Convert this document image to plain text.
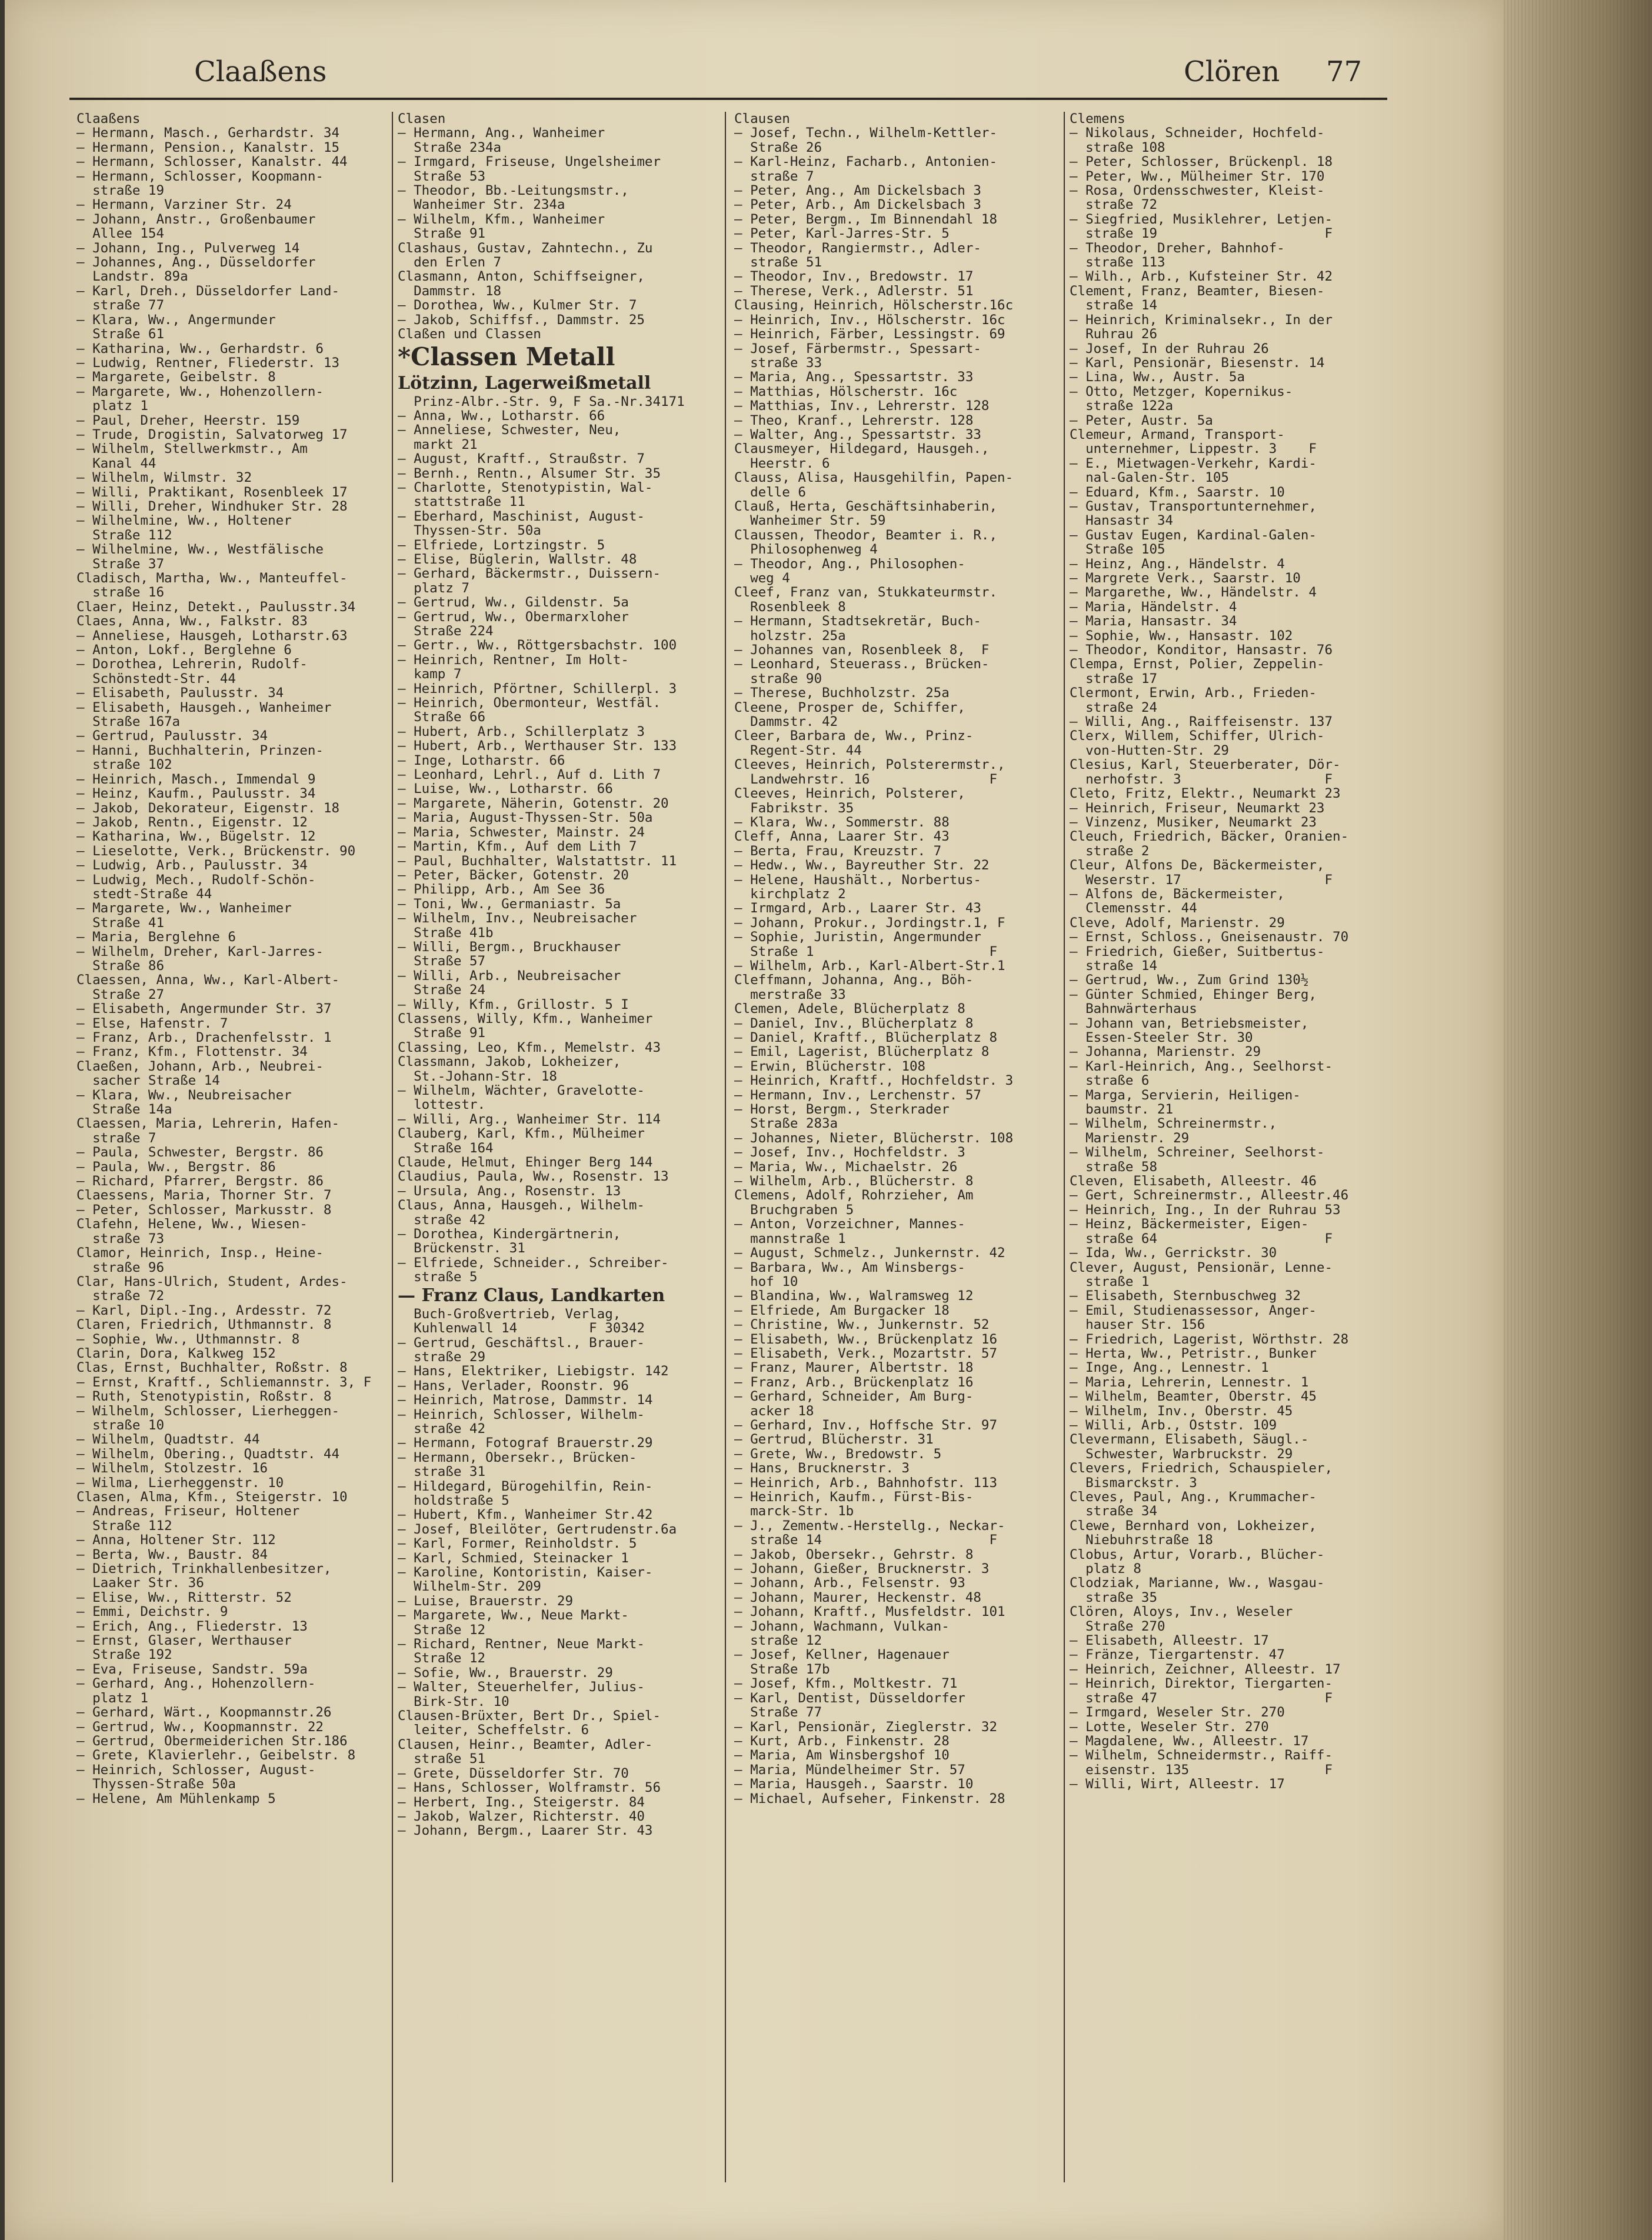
Claaßens	Clören 77
Claaßens
— Hermann, Masch., Gerhardstr. 34
— Hermann, Pension., Kanalstr. 15
— Hermann, Schlosser, Kanalstr. 44
— Hermann, Schlosser, Koopmann-
straße 19
— Hermann, Varziner Str. 24
— Johann, Anstr., Großenbaumer
Allee 154
— Johann, Ing., Pulverweg 14
— Johannes, Ang., Düsseldorfer
Landstr. 89a
— Karl, Dreh., Düsseldorfer Land-
straße 77
— Klara, Ww., Angermunder
Straße 61
— Katharina, Ww., Gerhardstr. 6
— Ludwig, Rentner, Fliederstr. 13
— Margarete, Geibelstr. 8
— Margarete, Ww., Hohenzollern-
platz 1
— Paul, Dreher, Heerstr. 159
— Trude, Drogistin, Salvatorweg 17
— Wilhelm, Stellwerkmstr., Am
Kanal 44
— Wilhelm, Wilmstr. 32
— Willi, Praktikant, Rosenbleek 17
— Willi, Dreher, Windhuker Str. 28
— Wilhelmine, Ww., Holtener
Straße 112
— Wilhelmine, Ww., Westfälische
Straße 37
Cladisch, Martha, Ww., Manteuffel-
straße 16
Claer, Heinz, Detekt., Paulusstr.34
Claes, Anna, Ww., Falkstr. 83
— Anneliese, Hausgeh, Lotharstr.63
— Anton, Lokf., Berglehne 6
— Dorothea, Lehrerin, Rudolf-
Schönstedt-Str. 44
— Elisabeth, Paulusstr. 34
— Elisabeth, Hausgeh., Wanheimer
Straße 167a
— Gertrud, Paulusstr. 34
— Hanni, Buchhalterin, Prinzen-
straße 102
— Heinrich, Masch., Immendal 9
— Heinz, Kaufm., Paulusstr. 34
— Jakob, Dekorateur, Eigenstr. 18
— Jakob, Rentn., Eigenstr. 12
— Katharina, Ww., Bügelstr. 12
— Lieselotte, Verk., Brückenstr. 90
— Ludwig, Arb., Paulusstr. 34
— Ludwig, Mech., Rudolf-Schön-
stedt-Straße 44
— Margarete, Ww., Wanheimer
Straße 41
— Maria, Berglehne 6
— Wilhelm, Dreher, Karl-Jarres-
Straße 86
Claessen, Anna, Ww., Karl-Albert-
Straße 27
— Elisabeth, Angermunder Str. 37
— Else, Hafenstr. 7
— Franz, Arb., Drachenfelsstr. 1
— Franz, Kfm., Flottenstr. 34
Claeßen, Johann, Arb., Neubrei-
sacher Straße 14
— Klara, Ww., Neubreisacher
Straße 14a
Claessen, Maria, Lehrerin, Hafen-
straße 7
— Paula, Schwester, Bergstr. 86
— Paula, Ww., Bergstr. 86
— Richard, Pfarrer, Bergstr. 86
Claessens, Maria, Thorner Str. 7
— Peter, Schlosser, Markusstr. 8
Clafehn, Helene, Ww., Wiesen-
straße 73
Clamor, Heinrich, Insp., Heine-
straße 96
Clar, Hans-Ulrich, Student, Ardes-
straße 72
— Karl, Dipl.-Ing., Ardesstr. 72
Claren, Friedrich, Uthmannstr. 8
— Sophie, Ww., Uthmannstr. 8
Clarin, Dora, Kalkweg 152
Clas, Ernst, Buchhalter, Roßstr. 8
— Ernst, Kraftf., Schliemannstr. 3, F
— Ruth, Stenotypistin, Roßstr. 8
— Wilhelm, Schlosser, Lierheggen-
straße 10
— Wilhelm, Quadtstr. 44
— Wilhelm, Obering., Quadtstr. 44
— Wilhelm, Stolzestr. 16
— Wilma, Lierheggenstr. 10
Clasen, Alma, Kfm., Steigerstr. 10
— Andreas, Friseur, Holtener
Straße 112
— Anna, Holtener Str. 112
— Berta, Ww., Baustr. 84
— Dietrich, Trinkhallenbesitzer,
Laaker Str. 36
— Elise, Ww., Ritterstr. 52
— Emmi, Deichstr. 9
— Erich, Ang., Fliederstr. 13
— Ernst, Glaser, Werthauser
Straße 192
— Eva, Friseuse, Sandstr. 59a
— Gerhard, Ang., Hohenzollern-
platz 1
— Gerhard, Wärt., Koopmannstr.26
— Gertrud, Ww., Koopmannstr. 22
— Gertrud, Obermeiderichen Str.186
— Grete, Klavierlehr., Geibelstr. 8
— Heinrich, Schlosser, August-
Thyssen-Straße 50a
— Helene, Am Mühlenkamp 5
Clasen
— Hermann, Ang., Wanheimer
Straße 234a
— Irmgard, Friseuse, Ungelsheimer
Straße 53
— Theodor, Bb.-Leitungsmstr.,
Wanheimer Str. 234a
— Wilhelm, Kfm., Wanheimer
Straße 91
Clashaus, Gustav, Zahntechn., Zu
den Erlen 7
Clasmann, Anton, Schiffseigner,
Dammstr. 18
— Dorothea, Ww., Kulmer Str. 7
— Jakob, Schiffsf., Dammstr. 25
Claßen und Classen
*Classen Metall
Lötzinn, Lagerweißmetall
Prinz-Albr.-Str. 9, F Sa.-Nr.34171
— Anna, Ww., Lotharstr. 66
— Anneliese, Schwester, Neu,
markt 21
— August, Kraftf., Straußstr. 7
— Bernh., Rentn., Alsumer Str. 35
— Charlotte, Stenotypistin, Wal-
stattstraße 11
— Eberhard, Maschinist, August-
Thyssen-Str. 50a
— Elfriede, Lortzingstr. 5
— Elise, Büglerin, Wallstr. 48
— Gerhard, Bäckermstr., Duissern-
platz 7
— Gertrud, Ww., Gildenstr. 5a
— Gertrud, Ww., Obermarxloher
Straße 224
— Gertr., Ww., Röttgersbachstr. 100
— Heinrich, Rentner, Im Holt-
kamp 7
— Heinrich, Pförtner, Schillerpl. 3
— Heinrich, Obermonteur, Westfäl.
Straße 66
— Hubert, Arb., Schillerplatz 3
— Hubert, Arb., Werthauser Str. 133
— Inge, Lotharstr. 66
— Leonhard, Lehrl., Auf d. Lith 7
— Luise, Ww., Lotharstr. 66
— Margarete, Näherin, Gotenstr. 20
— Maria, August-Thyssen-Str. 50a
— Maria, Schwester, Mainstr. 24
— Martin, Kfm., Auf dem Lith 7
— Paul, Buchhalter, Walstattstr. 11
— Peter, Bäcker, Gotenstr. 20
— Philipp, Arb., Am See 36
— Toni, Ww., Germaniastr. 5a
— Wilhelm, Inv., Neubreisacher
Straße 41b
— Willi, Bergm., Bruckhauser
Straße 57
— Willi, Arb., Neubreisacher
Straße 24
— Willy, Kfm., Grillostr. 5 I
Classens, Willy, Kfm., Wanheimer
Straße 91
Classing, Leo, Kfm., Memelstr. 43
Classmann, Jakob, Lokheizer,
St.-Johann-Str. 18
— Wilhelm, Wächter, Gravelotte-
lottestr.
— Willi, Arg., Wanheimer Str. 114
Clauberg, Karl, Kfm., Mülheimer
Straße 164
Claude, Helmut, Ehinger Berg 144
Claudius, Paula, Ww., Rosenstr. 13
— Ursula, Ang., Rosenstr. 13
Claus, Anna, Hausgeh., Wilhelm-
straße 42
— Dorothea, Kindergärtnerin,
Brückenstr. 31
— Elfriede, Schneider., Schreiber-
straße 5
— Franz Claus, Landkarten
Buch-Großvertrieb, Verlag,
Kuhlenwall 14         F 30342
— Gertrud, Geschäftsl., Brauer-
straße 29
— Hans, Elektriker, Liebigstr. 142
— Hans, Verlader, Roonstr. 96
— Heinrich, Matrose, Dammstr. 14
— Heinrich, Schlosser, Wilhelm-
straße 42
— Hermann, Fotograf Brauerstr.29
— Hermann, Obersekr., Brücken-
straße 31
— Hildegard, Bürogehilfin, Rein-
holdstraße 5
— Hubert, Kfm., Wanheimer Str.42
— Josef, Bleilöter, Gertrudenstr.6a
— Karl, Former, Reinholdstr. 5
— Karl, Schmied, Steinacker 1
— Karoline, Kontoristin, Kaiser-
Wilhelm-Str. 209
— Luise, Brauerstr. 29
— Margarete, Ww., Neue Markt-
Straße 12
— Richard, Rentner, Neue Markt-
Straße 12
— Sofie, Ww., Brauerstr. 29
— Walter, Steuerhelfer, Julius-
Birk-Str. 10
Clausen-Brüxter, Bert Dr., Spiel-
leiter, Scheffelstr. 6
Clausen, Heinr., Beamter, Adler-
straße 51
— Grete, Düsseldorfer Str. 70
— Hans, Schlosser, Wolframstr. 56
— Herbert, Ing., Steigerstr. 84
— Jakob, Walzer, Richterstr. 40
— Johann, Bergm., Laarer Str. 43
Clausen
— Josef, Techn., Wilhelm-Kettler-
Straße 26
— Karl-Heinz, Facharb., Antonien-
straße 7
— Peter, Ang., Am Dickelsbach 3
— Peter, Arb., Am Dickelsbach 3
— Peter, Bergm., Im Binnendahl 18
— Peter, Karl-Jarres-Str. 5
— Theodor, Rangiermstr., Adler-
straße 51
— Theodor, Inv., Bredowstr. 17
— Therese, Verk., Adlerstr. 51
Clausing, Heinrich, Hölscherstr.16c
— Heinrich, Inv., Hölscherstr. 16c
— Heinrich, Färber, Lessingstr. 69
— Josef, Färbermstr., Spessart-
straße 33
— Maria, Ang., Spessartstr. 33
— Matthias, Hölscherstr. 16c
— Matthias, Inv., Lehrerstr. 128
— Theo, Kranf., Lehrerstr. 128
— Walter, Ang., Spessartstr. 33
Clausmeyer, Hildegard, Hausgeh.,
Heerstr. 6
Clauss, Alisa, Hausgehilfin, Papen-
delle 6
Clauß, Herta, Geschäftsinhaberin,
Wanheimer Str. 59
Claussen, Theodor, Beamter i. R.,
Philosophenweg 4
— Theodor, Ang., Philosophen-
weg 4
Cleef, Franz van, Stukkateurmstr.
Rosenbleek 8
— Hermann, Stadtsekretär, Buch-
holzstr. 25a
— Johannes van, Rosenbleek 8,  F
— Leonhard, Steuerass., Brücken-
straße 90
— Therese, Buchholzstr. 25a
Cleene, Prosper de, Schiffer,
Dammstr. 42
Cleer, Barbara de, Ww., Prinz-
Regent-Str. 44
Cleeves, Heinrich, Polsterermstr.,
Landwehrstr. 16               F
Cleeves, Heinrich, Polsterer,
Fabrikstr. 35
— Klara, Ww., Sommerstr. 88
Cleff, Anna, Laarer Str. 43
— Berta, Frau, Kreuzstr. 7
— Hedw., Ww., Bayreuther Str. 22
— Helene, Haushält., Norbertus-
kirchplatz 2
— Irmgard, Arb., Laarer Str. 43
— Johann, Prokur., Jordingstr.1, F
— Sophie, Juristin, Angermunder
Straße 1                      F
— Wilhelm, Arb., Karl-Albert-Str.1
Cleffmann, Johanna, Ang., Böh-
merstraße 33
Clemen, Adele, Blücherplatz 8
— Daniel, Inv., Blücherplatz 8
— Daniel, Kraftf., Blücherplatz 8
— Emil, Lagerist, Blücherplatz 8
— Erwin, Blücherstr. 108
— Heinrich, Kraftf., Hochfeldstr. 3
— Hermann, Inv., Lerchenstr. 57
— Horst, Bergm., Sterkrader
Straße 283a
— Johannes, Nieter, Blücherstr. 108
— Josef, Inv., Hochfeldstr. 3
— Maria, Ww., Michaelstr. 26
— Wilhelm, Arb., Blücherstr. 8
Clemens, Adolf, Rohrzieher, Am
Bruchgraben 5
— Anton, Vorzeichner, Mannes-
mannstraße 1
— August, Schmelz., Junkernstr. 42
— Barbara, Ww., Am Winsbergs-
hof 10
— Blandina, Ww., Walramsweg 12
— Elfriede, Am Burgacker 18
— Christine, Ww., Junkernstr. 52
— Elisabeth, Ww., Brückenplatz 16
— Elisabeth, Verk., Mozartstr. 57
— Franz, Maurer, Albertstr. 18
— Franz, Arb., Brückenplatz 16
— Gerhard, Schneider, Am Burg-
acker 18
— Gerhard, Inv., Hoffsche Str. 97
— Gertrud, Blücherstr. 31
— Grete, Ww., Bredowstr. 5
— Hans, Brucknerstr. 3
— Heinrich, Arb., Bahnhofstr. 113
— Heinrich, Kaufm., Fürst-Bis-
marck-Str. 1b
— J., Zementw.-Herstellg., Neckar-
straße 14                     F
— Jakob, Obersekr., Gehrstr. 8
— Johann, Gießer, Brucknerstr. 3
— Johann, Arb., Felsenstr. 93
— Johann, Maurer, Heckenstr. 48
— Johann, Kraftf., Musfeldstr. 101
— Johann, Wachmann, Vulkan-
straße 12
— Josef, Kellner, Hagenauer
Straße 17b
— Josef, Kfm., Moltkestr. 71
— Karl, Dentist, Düsseldorfer
Straße 77
— Karl, Pensionär, Zieglerstr. 32
— Kurt, Arb., Finkenstr. 28
— Maria, Am Winsbergshof 10
— Maria, Mündelheimer Str. 57
— Maria, Hausgeh., Saarstr. 10
— Michael, Aufseher, Finkenstr. 28
Clemens
— Nikolaus, Schneider, Hochfeld-
straße 108
— Peter, Schlosser, Brückenpl. 18
— Peter, Ww., Mülheimer Str. 170
— Rosa, Ordensschwester, Kleist-
straße 72
— Siegfried, Musiklehrer, Letjen-
straße 19                     F
— Theodor, Dreher, Bahnhof-
straße 113
— Wilh., Arb., Kufsteiner Str. 42
Clement, Franz, Beamter, Biesen-
straße 14
— Heinrich, Kriminalsekr., In der
Ruhrau 26
— Josef, In der Ruhrau 26
— Karl, Pensionär, Biesenstr. 14
— Lina, Ww., Austr. 5a
— Otto, Metzger, Kopernikus-
straße 122a
— Peter, Austr. 5a
Clemeur, Armand, Transport-
unternehmer, Lippestr. 3    F
— E., Mietwagen-Verkehr, Kardi-
nal-Galen-Str. 105
— Eduard, Kfm., Saarstr. 10
— Gustav, Transportunternehmer,
Hansastr 34
— Gustav Eugen, Kardinal-Galen-
Straße 105
— Heinz, Ang., Händelstr. 4
— Margrete Verk., Saarstr. 10
— Margarethe, Ww., Händelstr. 4
— Maria, Händelstr. 4
— Maria, Hansastr. 34
— Sophie, Ww., Hansastr. 102
— Theodor, Konditor, Hansastr. 76
Clempa, Ernst, Polier, Zeppelin-
straße 17
Clermont, Erwin, Arb., Frieden-
straße 24
— Willi, Ang., Raiffeisenstr. 137
Clerx, Willem, Schiffer, Ulrich-
von-Hutten-Str. 29
Clesius, Karl, Steuerberater, Dör-
nerhofstr. 3                  F
Cleto, Fritz, Elektr., Neumarkt 23
— Heinrich, Friseur, Neumarkt 23
— Vinzenz, Musiker, Neumarkt 23
Cleuch, Friedrich, Bäcker, Oranien-
straße 2
Cleur, Alfons De, Bäckermeister,
Weserstr. 17                  F
— Alfons de, Bäckermeister,
Clemensstr. 44
Cleve, Adolf, Marienstr. 29
— Ernst, Schloss., Gneisenaustr. 70
— Friedrich, Gießer, Suitbertus-
straße 14
— Gertrud, Ww., Zum Grind 130½
— Günter Schmied, Ehinger Berg,
Bahnwärterhaus
— Johann van, Betriebsmeister,
Essen-Steeler Str. 30
— Johanna, Marienstr. 29
— Karl-Heinrich, Ang., Seelhorst-
straße 6
— Marga, Servierin, Heiligen-
baumstr. 21
— Wilhelm, Schreinermstr.,
Marienstr. 29
— Wilhelm, Schreiner, Seelhorst-
straße 58
Cleven, Elisabeth, Alleestr. 46
— Gert, Schreinermstr., Alleestr.46
— Heinrich, Ing., In der Ruhrau 53
— Heinz, Bäckermeister, Eigen-
straße 64                     F
— Ida, Ww., Gerrickstr. 30
Clever, August, Pensionär, Lenne-
straße 1
— Elisabeth, Sternbuschweg 32
— Emil, Studienassessor, Anger-
hauser Str. 156
— Friedrich, Lagerist, Wörthstr. 28
— Herta, Ww., Petristr., Bunker
— Inge, Ang., Lennestr. 1
— Maria, Lehrerin, Lennestr. 1
— Wilhelm, Beamter, Oberstr. 45
— Wilhelm, Inv., Oberstr. 45
— Willi, Arb., Oststr. 109
Clevermann, Elisabeth, Säugl.-
Schwester, Warbruckstr. 29
Clevers, Friedrich, Schauspieler,
Bismarckstr. 3
Cleves, Paul, Ang., Krummacher-
straße 34
Clewe, Bernhard von, Lokheizer,
Niebuhrstraße 18
Clobus, Artur, Vorarb., Blücher-
platz 8
Clodziak, Marianne, Ww., Wasgau-
straße 35
Clören, Aloys, Inv., Weseler
Straße 270
— Elisabeth, Alleestr. 17
— Fränze, Tiergartenstr. 47
— Heinrich, Zeichner, Alleestr. 17
— Heinrich, Direktor, Tiergarten-
straße 47                     F
— Irmgard, Weseler Str. 270
— Lotte, Weseler Str. 270
— Magdalene, Ww., Alleestr. 17
— Wilhelm, Schneidermstr., Raiff-
eisenstr. 135                 F
— Willi, Wirt, Alleestr. 17
